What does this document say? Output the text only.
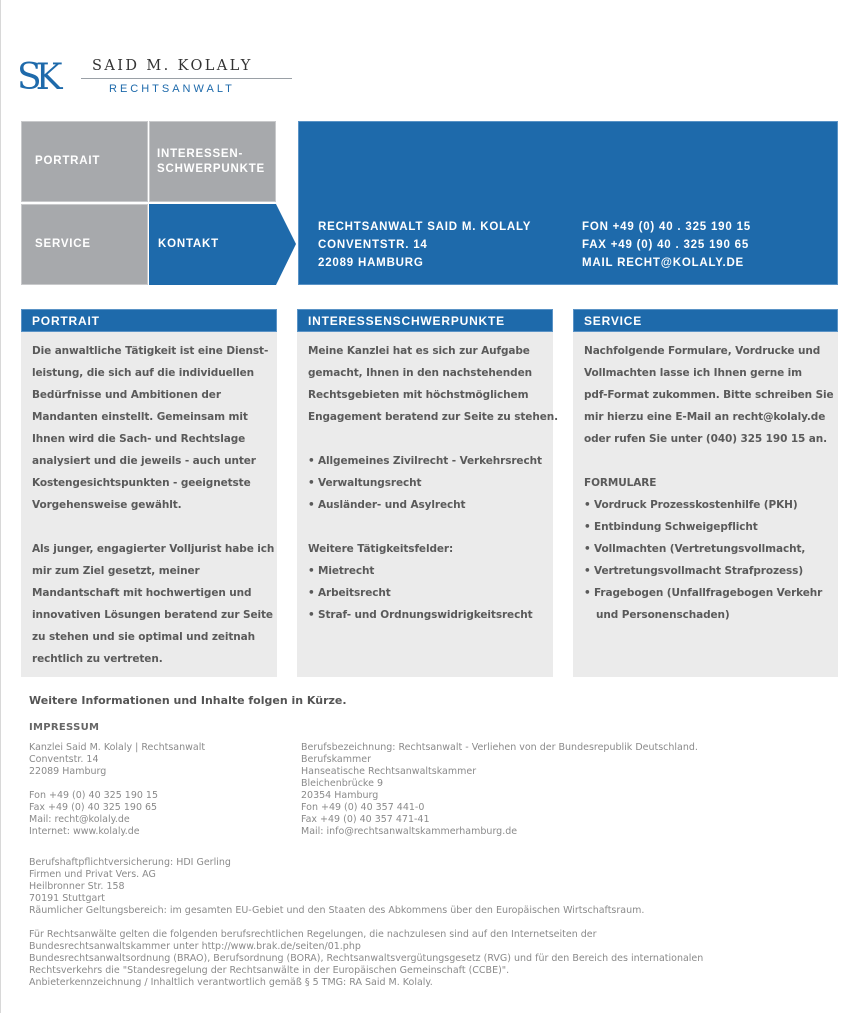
SK SAID M. KOLALY
RECHTSANWALT
PORTRAIT
INTERESSEN-
SCHWERPUNKTE
SERVICE	KONTAKT
RECHTSANWALT SAID M. KOLALY
CONVENTSTR. 14
22089 HAMBURG
FON +49 (0) 40 . 325 190 15
FAX +49 (0) 40 . 325 190 65
MAIL RECHT@KOLALY.DE
PORTRAIT

Die anwaltliche Tätigkeit ist eine Dienst-

leistung, die sich auf die individuellen

Bedürfnisse und Ambitionen der

Mandanten einstellt. Gemeinsam mit

Ihnen wird die Sach- und Rechtslage

analysiert und die jeweils - auch unter

Kostengesichtspunkten - geeignetste

Vorgehensweise gewählt.

Als junger, engagierter Volljurist habe ich

mir zum Ziel gesetzt, meiner

Mandantschaft mit hochwertigen und

innovativen Lösungen beratend zur Seite

zu stehen und sie optimal und zeitnah

rechtlich zu vertreten.

INTERESSENSCHWERPUNKTE

Meine Kanzlei hat es sich zur Aufgabe

gemacht, Ihnen in den nachstehenden

Rechtsgebieten mit höchstmöglichem

Engagement beratend zur Seite zu stehen.

• Allgemeines Zivilrecht - Verkehrsrecht
• Verwaltungsrecht
• Ausländer- und Asylrecht

Weitere Tätigkeitsfelder:

• Mietrecht
• Arbeitsrecht
• Straf- und Ordnungswidrigkeitsrecht
SERVICE

Nachfolgende Formulare, Vordrucke und

Vollmachten lasse ich Ihnen gerne im

pdf-Format zukommen. Bitte schreiben Sie

mir hierzu eine E-Mail an recht@kolaly.de

oder rufen Sie unter (040) 325 190 15 an.

FORMULARE

• Vordruck Prozesskostenhilfe (PKH)
• Entbindung Schweigepflicht
• Vollmachten (Vertretungsvollmacht,
• Vertretungsvollmacht Strafprozess)
• Fragebogen (Unfallfragebogen Verkehr
und Personenschaden)
Weitere Informationen und Inhalte folgen in Kürze.
IMPRESSUM
Kanzlei Said M. Kolaly | Rechtsanwalt
Conventstr. 14
22089 Hamburg
Fon +49 (0) 40 325 190 15
Fax +49 (0) 40 325 190 65
Mail: recht@kolaly.de
Internet: www.kolaly.de
Berufsbezeichnung: Rechtsanwalt - Verliehen von der Bundesrepublik Deutschland.
Berufskammer
Hanseatische Rechtsanwaltskammer
Bleichenbrücke 9
20354 Hamburg
Fon +49 (0) 40 357 441-0
Fax +49 (0) 40 357 471-41
Mail: info@rechtsanwaltskammerhamburg.de
Berufshaftpflichtversicherung: HDI Gerling
Firmen und Privat Vers. AG
Heilbronner Str. 158
70191 Stuttgart
Räumlicher Geltungsbereich: im gesamten EU-Gebiet und den Staaten des Abkommens über den Europäischen Wirtschaftsraum.
Für Rechtsanwälte gelten die folgenden berufsrechtlichen Regelungen, die nachzulesen sind auf den Internetseiten der
Bundesrechtsanwaltskammer unter http://www.brak.de/seiten/01.php
Bundesrechtsanwaltsordnung (BRAO), Berufsordnung (BORA), Rechtsanwaltsvergütungsgesetz (RVG) und für den Bereich des internationalen
Rechtsverkehrs die "Standesregelung der Rechtsanwälte in der Europäischen Gemeinschaft (CCBE)".
Anbieterkennzeichnung / Inhaltlich verantwortlich gemäß § 5 TMG: RA Said M. Kolaly.
